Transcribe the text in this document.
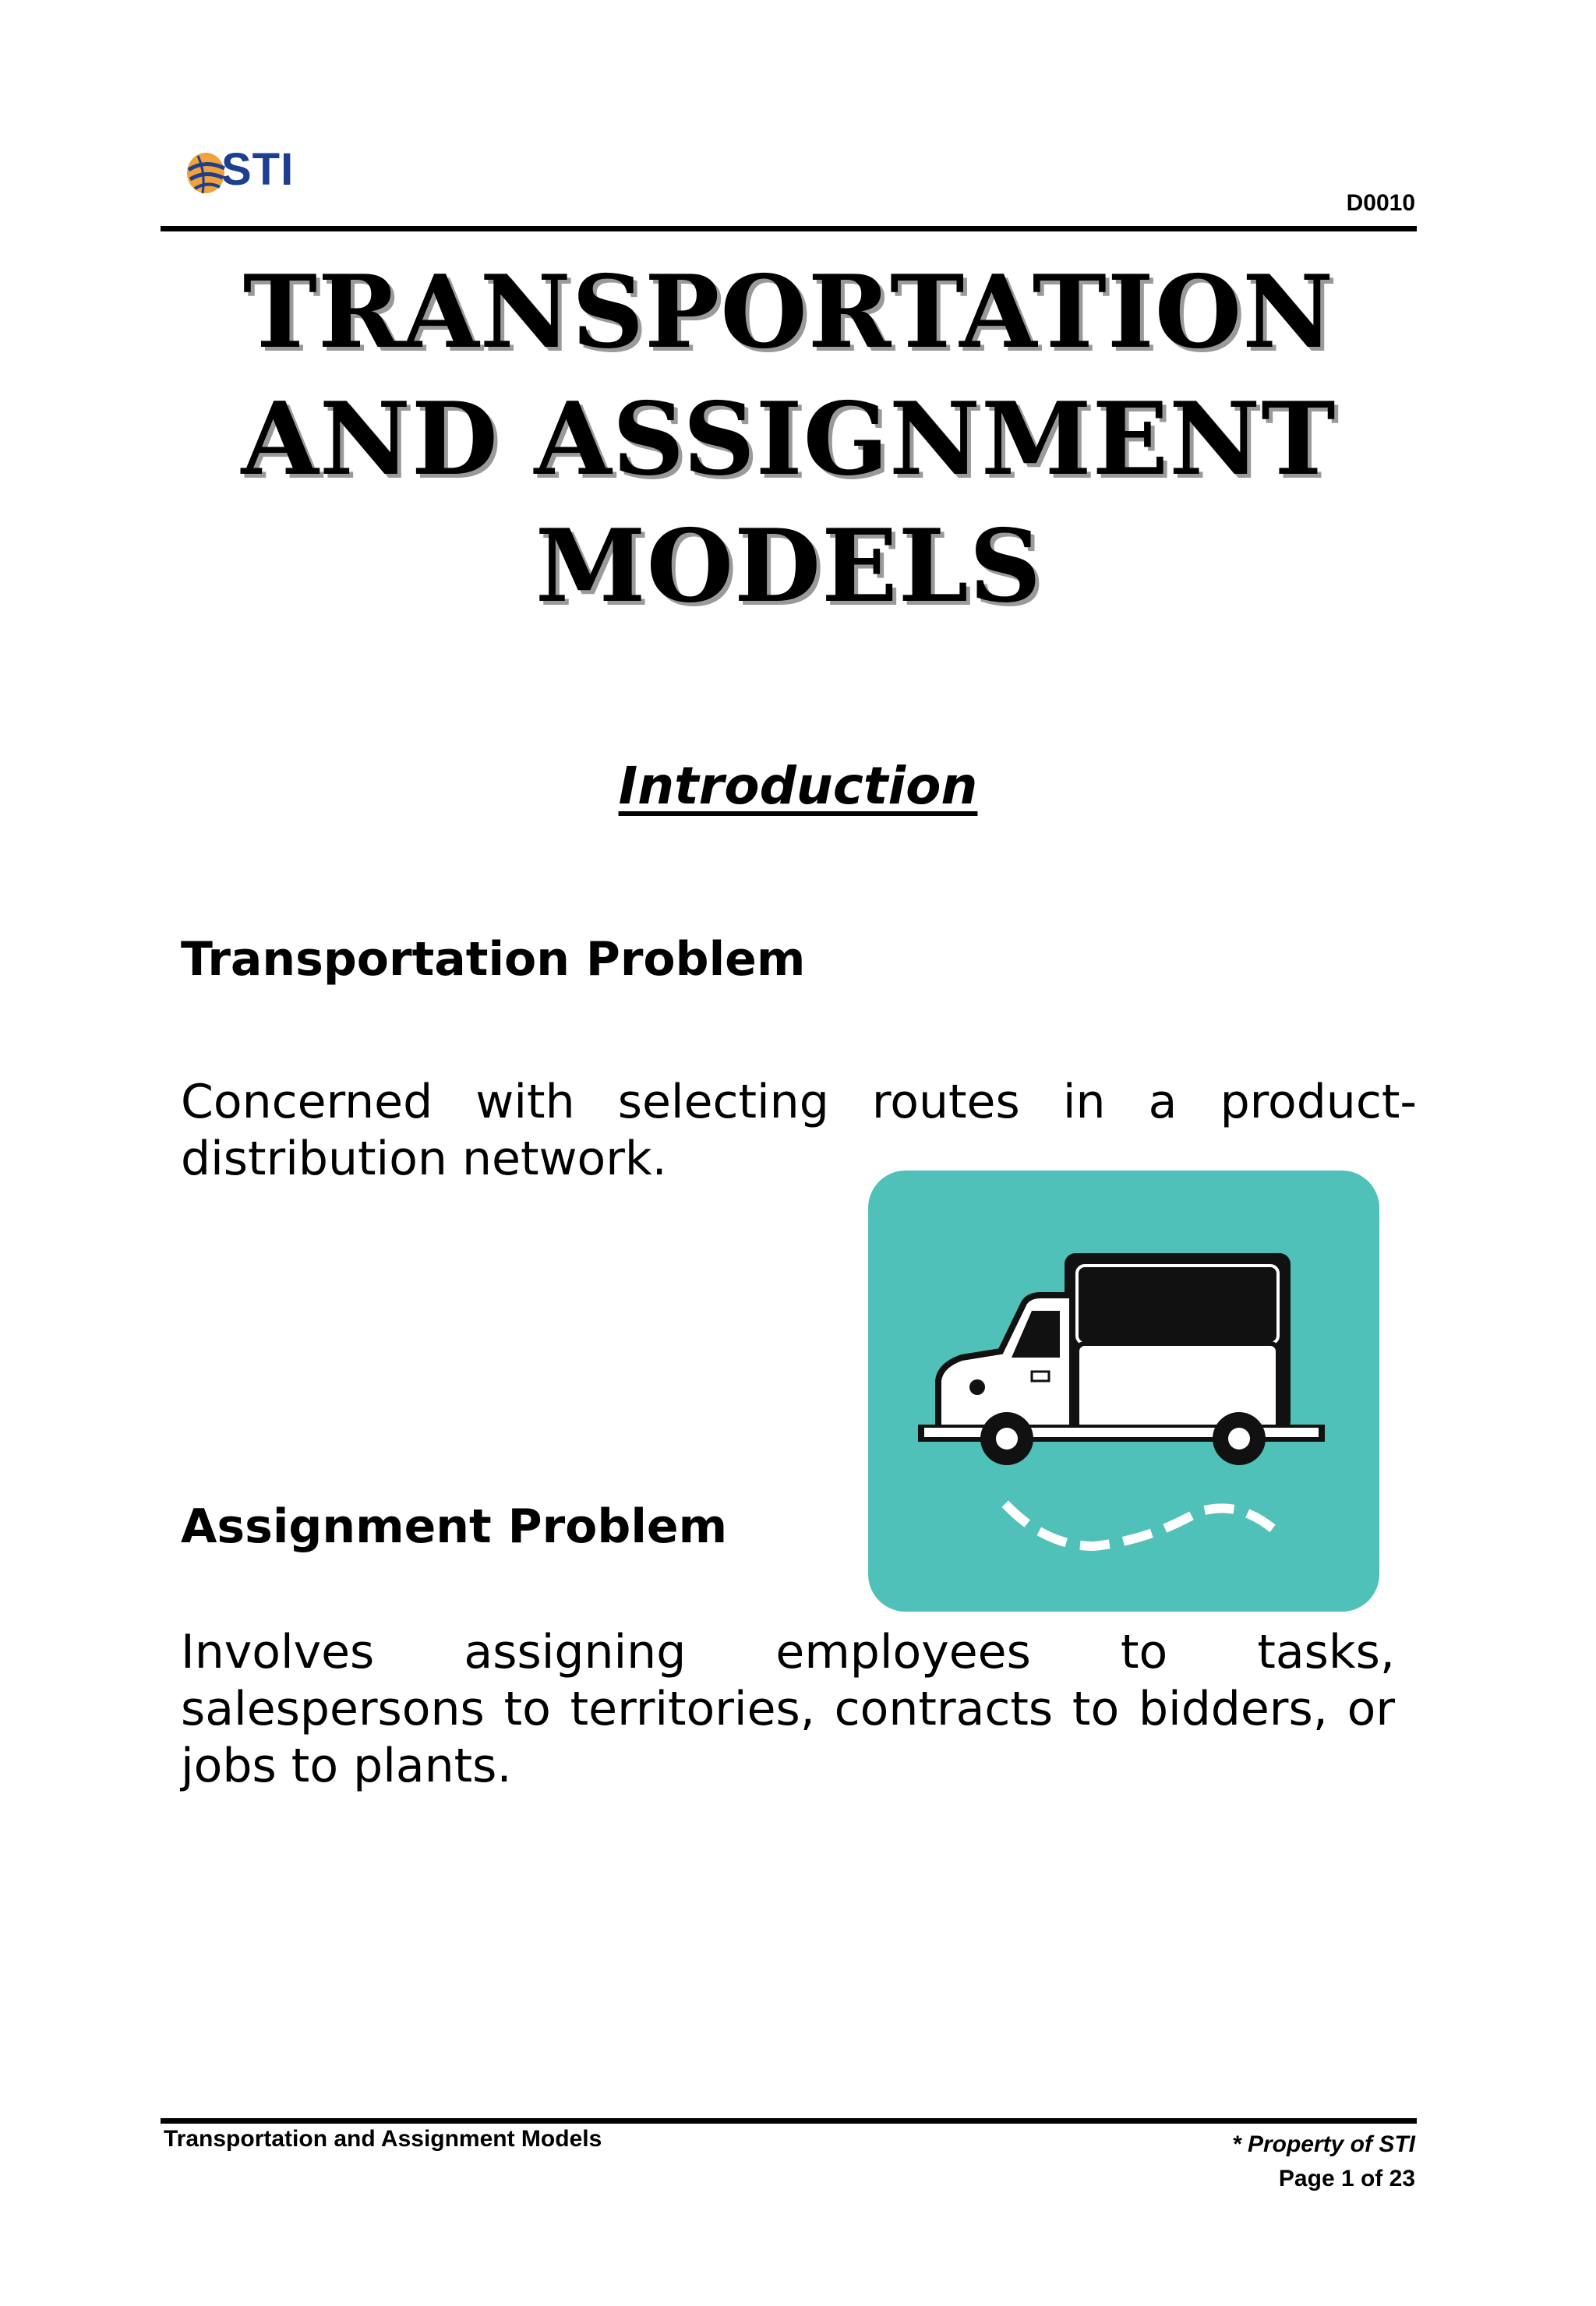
STI
D0010
TRANSPORTATION AND ASSIGNMENT MODELS
Introduction
Transportation Problem

Concerned with selecting routes in a product-distribution network.

Assignment Problem

Involves assigning employees to tasks, salespersons to territories, contracts to bidders, or jobs to plants.

Transportation and Assignment Models	* Property of STI
Page 1 of 23
